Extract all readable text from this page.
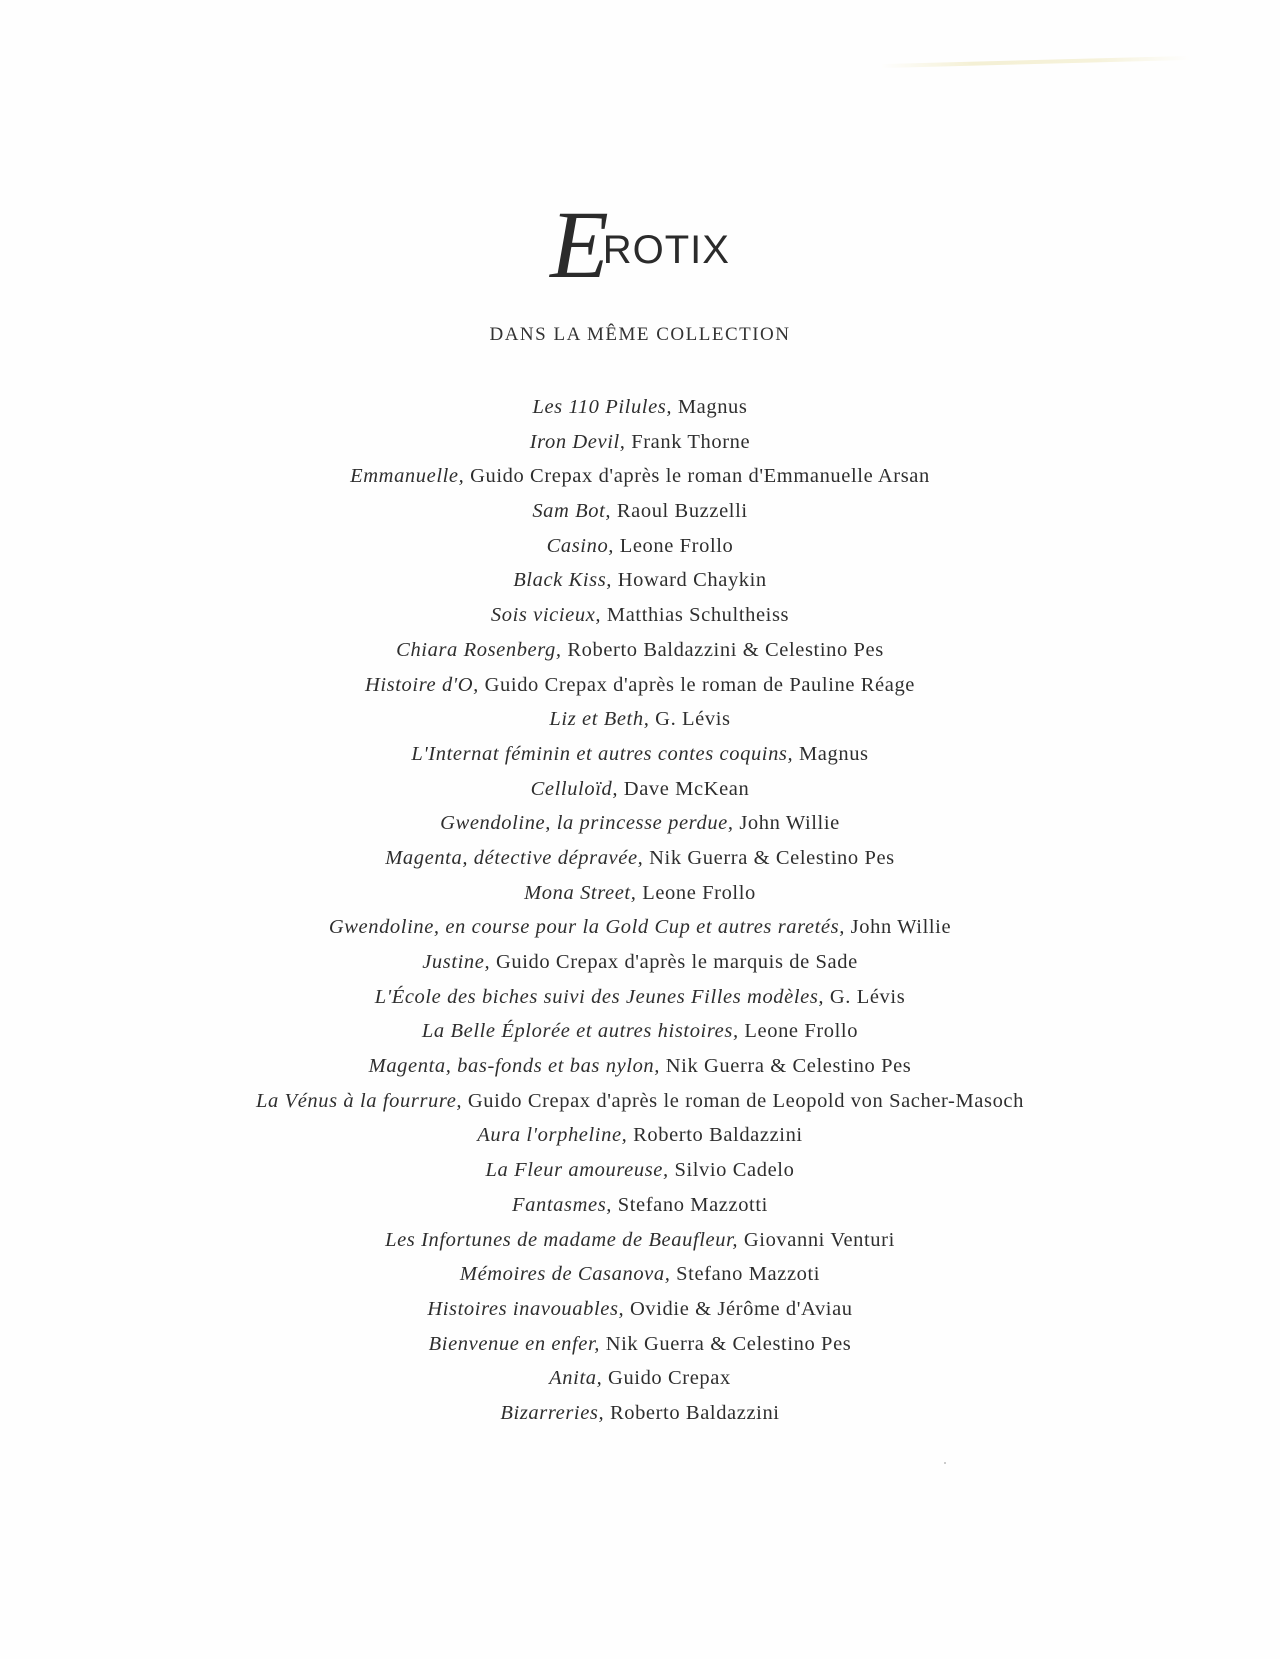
E
ROTIX
DANS LA MÊME COLLECTION
Les 110 Pilules, Magnus
Iron Devil, Frank Thorne
Emmanuelle, Guido Crepax d'après le roman d'Emmanuelle Arsan
Sam Bot, Raoul Buzzelli
Casino, Leone Frollo
Black Kiss, Howard Chaykin
Sois vicieux, Matthias Schultheiss
Chiara Rosenberg, Roberto Baldazzini & Celestino Pes
Histoire d'O, Guido Crepax d'après le roman de Pauline Réage
Liz et Beth, G. Lévis
L'Internat féminin et autres contes coquins, Magnus
Celluloïd, Dave McKean
Gwendoline, la princesse perdue, John Willie
Magenta, détective dépravée, Nik Guerra & Celestino Pes
Mona Street, Leone Frollo
Gwendoline, en course pour la Gold Cup et autres raretés, John Willie
Justine, Guido Crepax d'après le marquis de Sade
L'École des biches suivi des Jeunes Filles modèles, G. Lévis
La Belle Éplorée et autres histoires, Leone Frollo
Magenta, bas-fonds et bas nylon, Nik Guerra & Celestino Pes
La Vénus à la fourrure, Guido Crepax d'après le roman de Leopold von Sacher-Masoch
Aura l'orpheline, Roberto Baldazzini
La Fleur amoureuse, Silvio Cadelo
Fantasmes, Stefano Mazzotti
Les Infortunes de madame de Beaufleur, Giovanni Venturi
Mémoires de Casanova, Stefano Mazzoti
Histoires inavouables, Ovidie & Jérôme d'Aviau
Bienvenue en enfer, Nik Guerra & Celestino Pes
Anita, Guido Crepax
Bizarreries, Roberto Baldazzini
